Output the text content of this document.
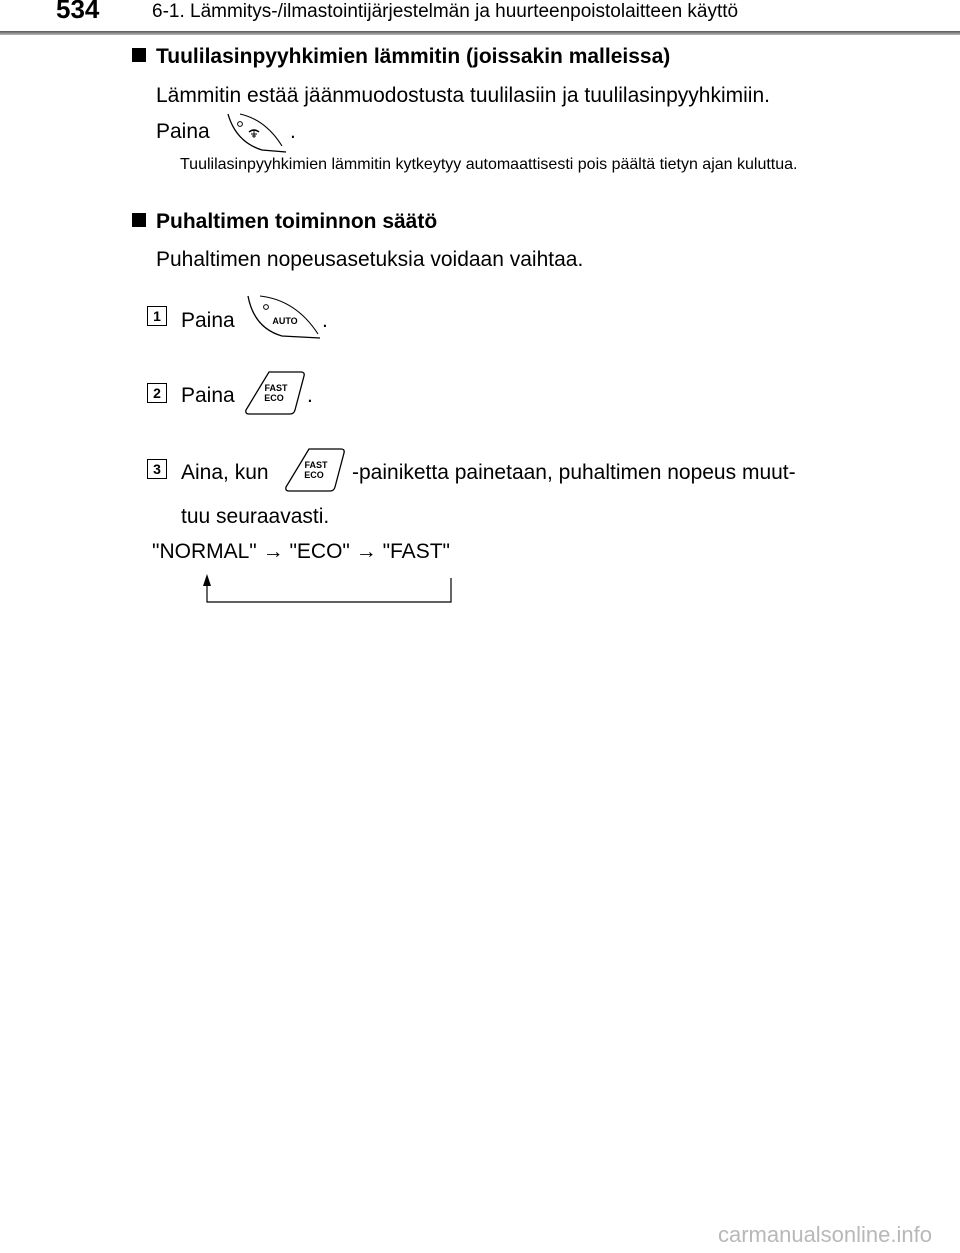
534	6-1. Lämmitys-/ilmastointijärjestelmän ja huurteenpoistolaitteen käyttö
Tuulilasinpyyhkimien lämmitin (joissakin malleissa)
Lämmitin estää jäänmuodostusta tuulilasiin ja tuulilasinpyyhkimiin.
Paina	.
Tuulilasinpyyhkimien lämmitin kytkeytyy automaattisesti pois päältä tietyn ajan kuluttua.
Puhaltimen toiminnon säätö
Puhaltimen nopeusasetuksia voidaan vaihtaa.
1 Paina	AUTO .
2 Paina	FAST
ECO .
3 Aina, kun	FAST
ECO -painiketta painetaan, puhaltimen nopeus muut-
tuu seuraavasti.
"NORMAL" → "ECO" → "FAST"
carmanualsonline.info
